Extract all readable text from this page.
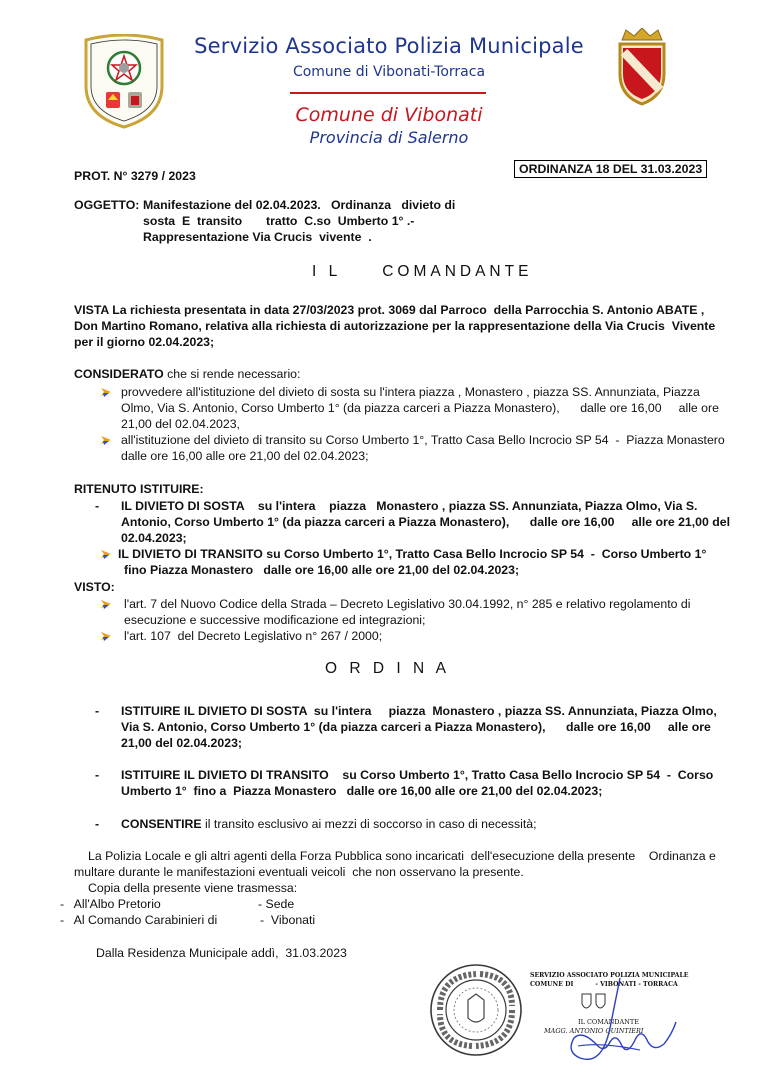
Servizio Associato Polizia Municipale
Comune di Vibonati-Torraca
Comune di Vibonati
Provincia di Salerno
PROT. N° 3279 / 2023	ORDINANZA 18 DEL 31.03.2023
OGGETTO: Manifestazione del 02.04.2023.   Ordinanza   divieto di
sosta  E  transito       tratto  C.so  Umberto 1° .-
Rappresentazione Via Crucis  vivente  .
I L     COMANDANTE
VISTA La richiesta presentata in data 27/03/2023 prot. 3069 dal Parroco  della Parrocchia S. Antonio ABATE ,
Don Martino Romano, relativa alla richiesta di autorizzazione per la rappresentazione della Via Crucis  Vivente
per il giorno 02.04.2023;
CONSIDERATO che si rende necessario:
provvedere all'istituzione del divieto di sosta su l'intera piazza , Monastero , piazza SS. Annunziata, Piazza
Olmo, Via S. Antonio, Corso Umberto 1° (da piazza carceri a Piazza Monastero),      dalle ore 16,00     alle ore
21,00 del 02.04.2023,
all'istituzione del divieto di transito su Corso Umberto 1°, Tratto Casa Bello Incrocio SP 54  -  Piazza Monastero
dalle ore 16,00 alle ore 21,00 del 02.04.2023;
RITENUTO ISTITUIRE:
- IL DIVIETO DI SOSTA    su l'intera    piazza   Monastero , piazza SS. Annunziata, Piazza Olmo, Via S.
Antonio, Corso Umberto 1° (da piazza carceri a Piazza Monastero),      dalle ore 16,00     alle ore 21,00 del
02.04.2023;
IL DIVIETO DI TRANSITO su Corso Umberto 1°, Tratto Casa Bello Incrocio SP 54  -  Corso Umberto 1°
fino Piazza Monastero   dalle ore 16,00 alle ore 21,00 del 02.04.2023;
VISTO:
l'art. 7 del Nuovo Codice della Strada – Decreto Legislativo 30.04.1992, n° 285 e relativo regolamento di
esecuzione e successive modificazione ed integrazioni;
l'art. 107  del Decreto Legislativo n° 267 / 2000;
O R D I N A
- ISTITUIRE IL DIVIETO DI SOSTA  su l'intera     piazza  Monastero , piazza SS. Annunziata, Piazza Olmo,
Via S. Antonio, Corso Umberto 1° (da piazza carceri a Piazza Monastero),      dalle ore 16,00     alle ore
21,00 del 02.04.2023;
- ISTITUIRE IL DIVIETO DI TRANSITO    su Corso Umberto 1°, Tratto Casa Bello Incrocio SP 54  -  Corso
Umberto 1°  fino a  Piazza Monastero   dalle ore 16,00 alle ore 21,00 del 02.04.2023;
- CONSENTIRE il transito esclusivo ai mezzi di soccorso in caso di necessità;
La Polizia Locale e gli altri agenti della Forza Pubblica sono incaricati  dell'esecuzione della presente    Ordinanza e
multare durante le manifestazioni eventuali veicoli  che non osservano la presente.
Copia della presente viene trasmessa:
-   All'Albo Pretorio	- Sede
-   Al Comando Carabinieri di	-  Vibonati
Dalla Residenza Municipale addì,  31.03.2023
SERVIZIO ASSOCIATO POLIZIA MUNICIPALE
COMUNE DI	- VIBONATI - TORRACA
IL COMANDANTE
MAGG. ANTONIO QUINTIERI
